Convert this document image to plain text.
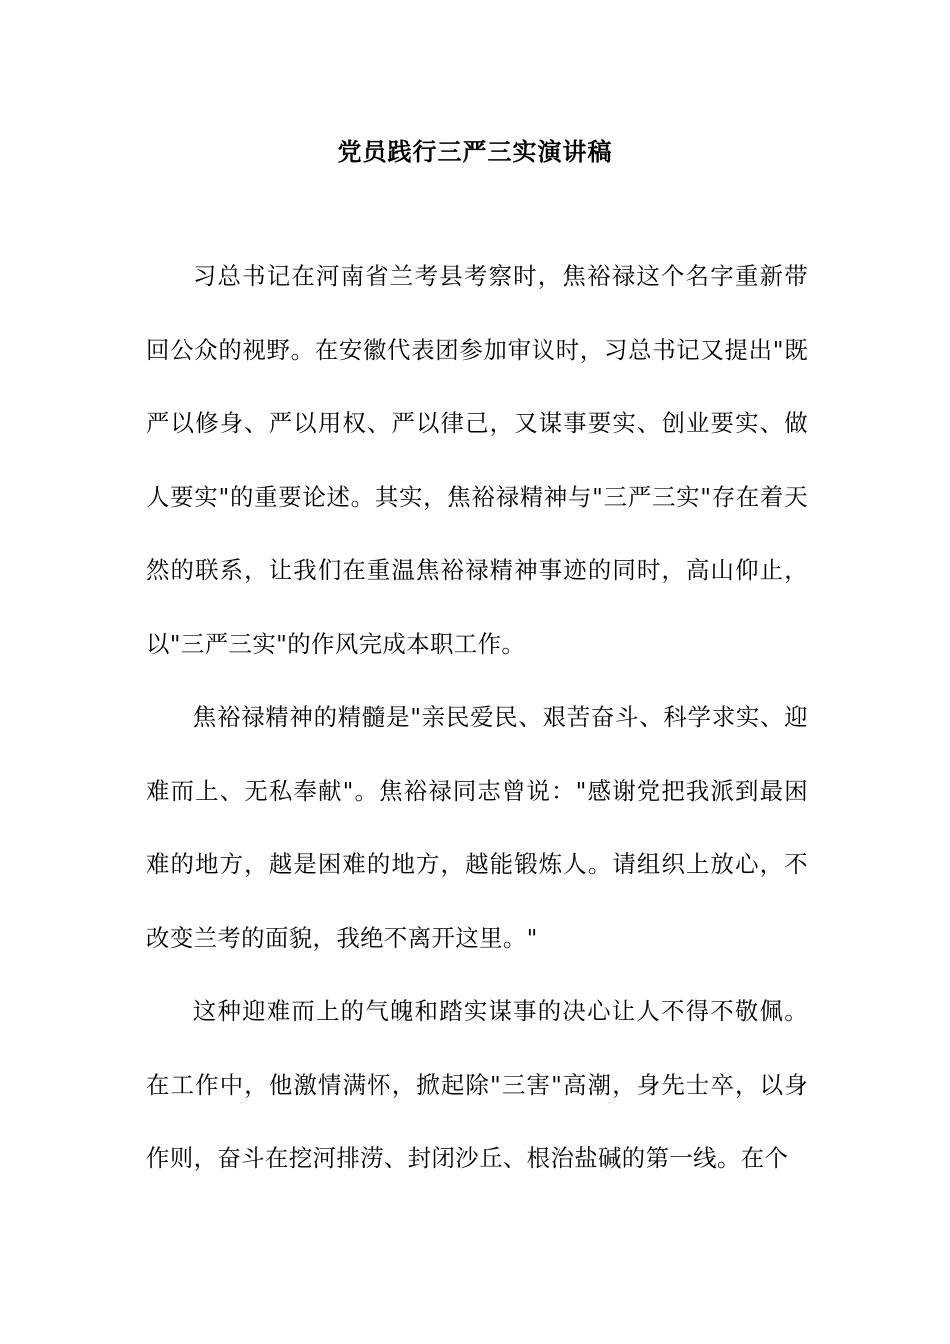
党员践行三严三实演讲稿

习总书记在河南省兰考县考察时，焦裕禄这个名字重新带回公众的视野。在安徽代表团参加审议时，习总书记又提出"既严以修身、严以用权、严以律己，又谋事要实、创业要实、做人要实"的重要论述。其实，焦裕禄精神与"三严三实"存在着天然的联系，让我们在重温焦裕禄精神事迹的同时，高山仰止，以"三严三实"的作风完成本职工作。

焦裕禄精神的精髓是"亲民爱民、艰苦奋斗、科学求实、迎难而上、无私奉献"。焦裕禄同志曾说："感谢党把我派到最困难的地方，越是困难的地方，越能锻炼人。请组织上放心，不改变兰考的面貌，我绝不离开这里。"

这种迎难而上的气魄和踏实谋事的决心让人不得不敬佩。在工作中，他激情满怀，掀起除"三害"高潮，身先士卒，以身作则，奋斗在挖河排涝、封闭沙丘、根治盐碱的第一线。在个
